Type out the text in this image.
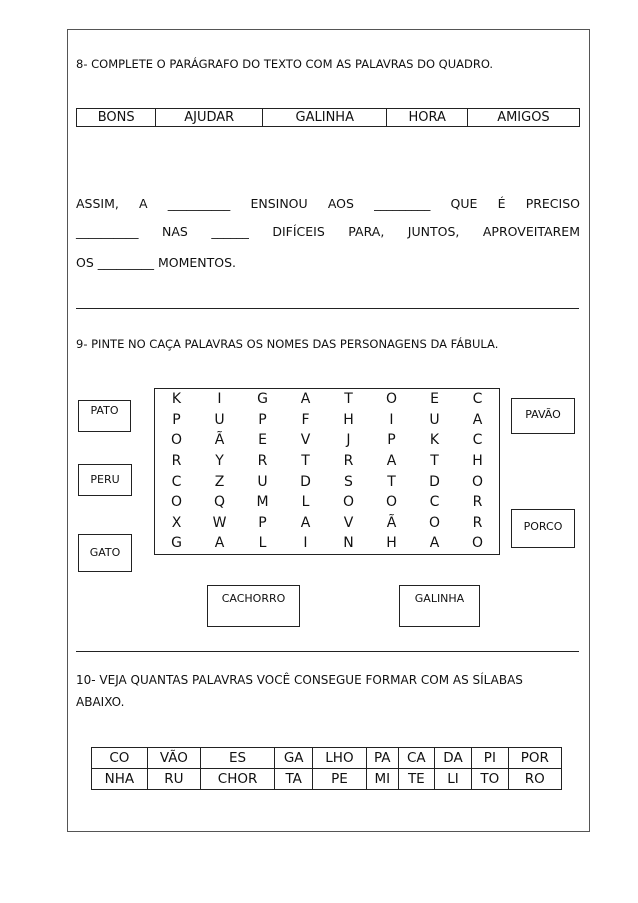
8- COMPLETE O PARÁGRAFO DO TEXTO COM AS PALAVRAS DO QUADRO.
BONS	AJUDAR	GALINHA	HORA	AMIGOS
ASSIM, A __________ ENSINOU AOS _________ QUE É PRECISO
__________ NAS ______ DIFÍCEIS PARA, JUNTOS, APROVEITAREM
OS _________ MOMENTOS.
9- PINTE NO CAÇA PALAVRAS OS NOMES DAS PERSONAGENS DA FÁBULA.
PATO
PERU
GATO
K	I	G	A	T	O	E	C
P	U	P	F	H	I	U	A
O	Ã	E	V	J	P	K	C
R	Y	R	T	R	A	T	H
C	Z	U	D	S	T	D	O
O	Q	M	L	O	O	C	R
X	W	P	A	V	Ã	O	R
G	A	L	I	N	H	A	O
PAVÃO
PORCO
CACHORRO	GALINHA
10- VEJA QUANTAS PALAVRAS VOCÊ CONSEGUE FORMAR COM AS SÍLABAS
ABAIXO.
CO	VÃO	ES	GA	LHO	PA	CA	DA	PI	POR
NHA	RU	CHOR	TA	PE	MI	TE	LI	TO	RO
